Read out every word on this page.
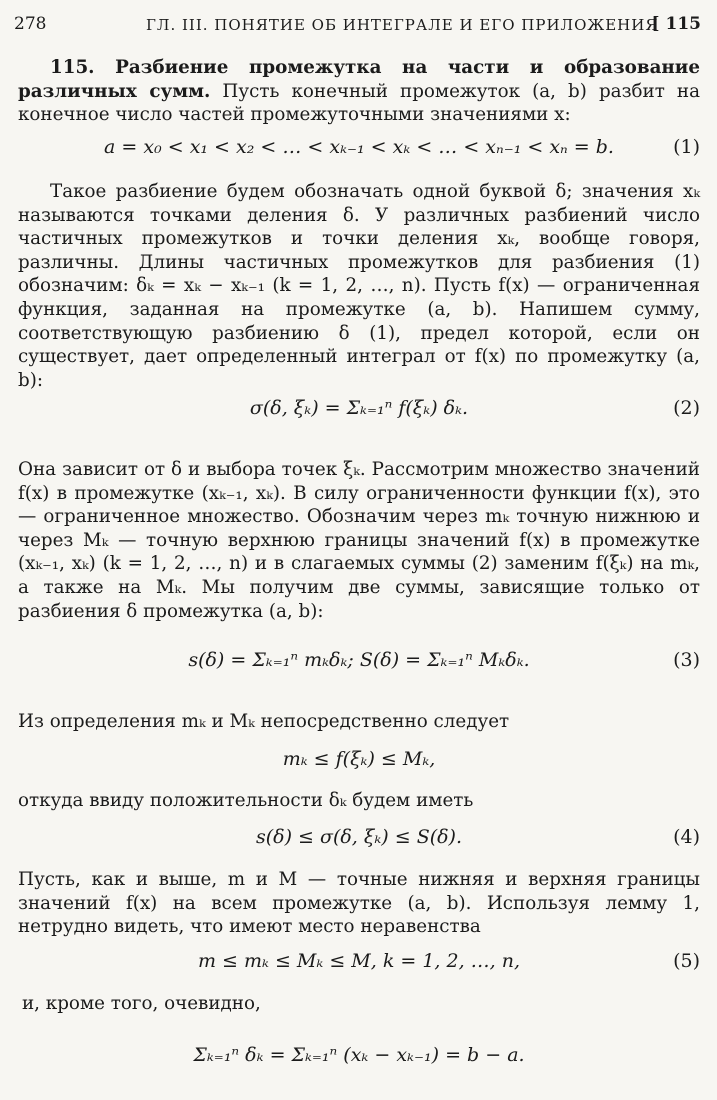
278	ГЛ. III. ПОНЯТИЕ ОБ ИНТЕГРАЛЕ И ЕГО ПРИЛОЖЕНИЯ
[ 115

115. Разбиение промежутка на части и образование различных сумм. Пусть конечный промежуток (a, b) разбит на конечное число частей промежуточными значениями x:

a = x₀ < x₁ < x₂ < … < xₖ₋₁ < xₖ < … < xₙ₋₁ < xₙ = b.	(1)

Такое разбиение будем обозначать одной буквой δ; значения xₖ называются точками деления δ. У различных разбиений число частичных промежутков и точки деления xₖ, вообще говоря, различны. Длины частичных промежутков для разбиения (1) обозначим: δₖ = xₖ − xₖ₋₁ (k = 1, 2, …, n). Пусть f(x) — ограниченная функция, заданная на промежутке (a, b). Напишем сумму, соответствующую разбиению δ (1), предел которой, если он существует, дает определенный интеграл от f(x) по промежутку (a, b):

σ(δ, ξₖ) = Σₖ₌₁ⁿ f(ξₖ) δₖ.	(2)

Она зависит от δ и выбора точек ξₖ. Рассмотрим множество значений f(x) в промежутке (xₖ₋₁, xₖ). В силу ограниченности функции f(x), это — ограниченное множество. Обозначим через mₖ точную нижнюю и через Mₖ — точную верхнюю границы значений f(x) в промежутке (xₖ₋₁, xₖ) (k = 1, 2, …, n) и в слагаемых суммы (2) заменим f(ξₖ) на mₖ, а также на Mₖ. Мы получим две суммы, зависящие только от разбиения δ промежутка (a, b):

s(δ) = Σₖ₌₁ⁿ mₖδₖ; S(δ) = Σₖ₌₁ⁿ Mₖδₖ.	(3)

Из определения mₖ и Mₖ непосредственно следует

mₖ ≤ f(ξₖ) ≤ Mₖ,

откуда ввиду положительности δₖ будем иметь

s(δ) ≤ σ(δ, ξₖ) ≤ S(δ).	(4)

Пусть, как и выше, m и M — точные нижняя и верхняя границы значений f(x) на всем промежутке (a, b). Используя лемму 1, нетрудно видеть, что имеют место неравенства

m ≤ mₖ ≤ Mₖ ≤ M, k = 1, 2, …, n,	(5)

и, кроме того, очевидно,

Σₖ₌₁ⁿ δₖ = Σₖ₌₁ⁿ (xₖ − xₖ₋₁) = b − a.
